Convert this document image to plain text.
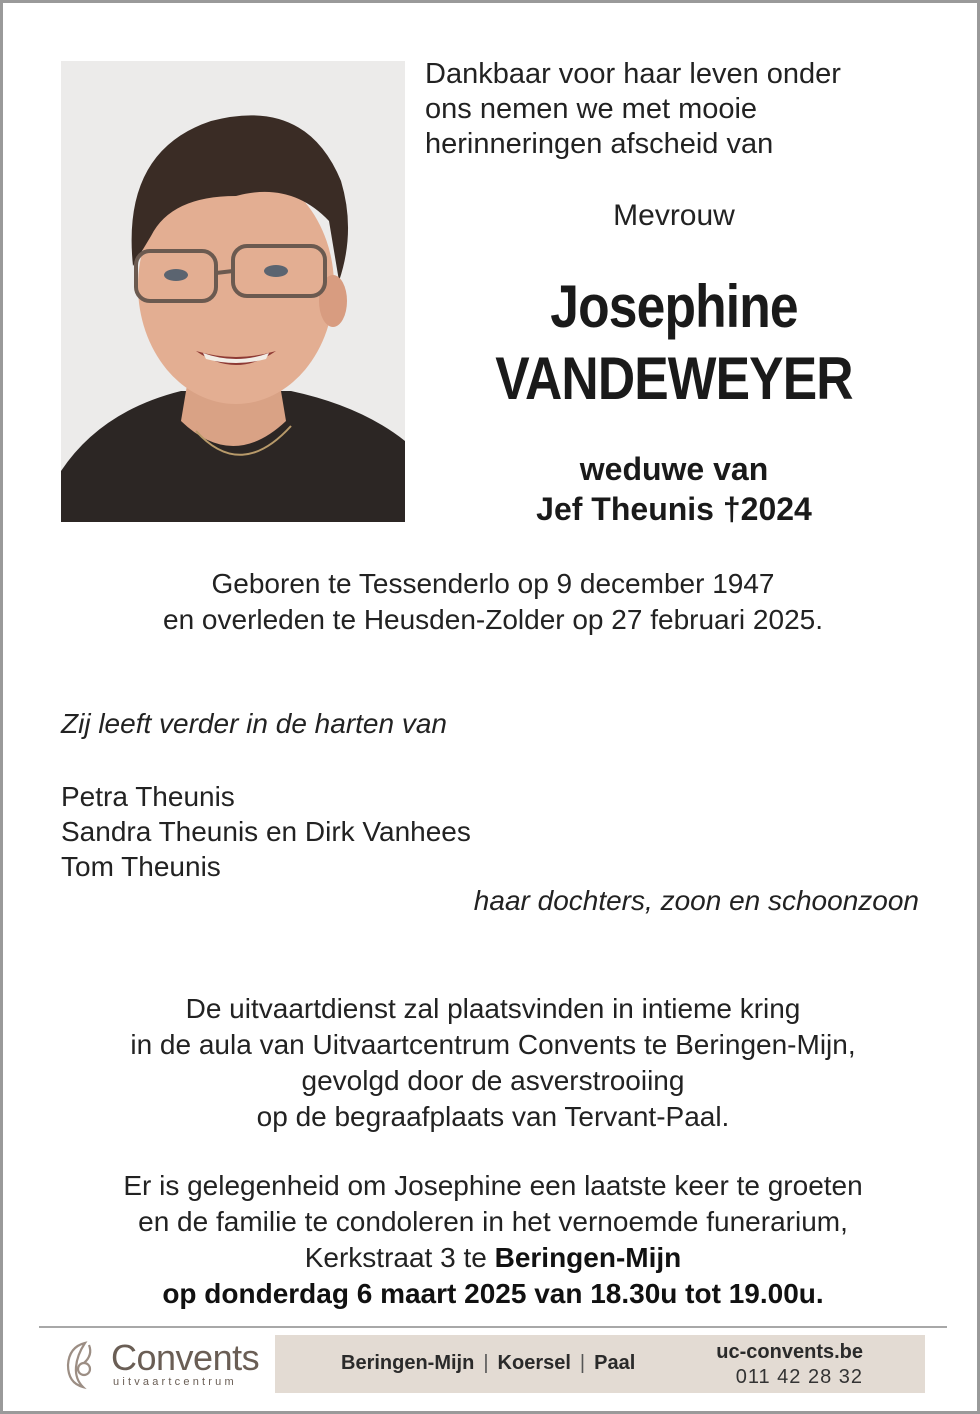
Dankbaar voor haar leven onder
ons nemen we met mooie
herinneringen afscheid van
Mevrouw
Josephine
VANDEWEYER
weduwe van
Jef Theunis †2024
Geboren te Tessenderlo op 9 december 1947
en overleden te Heusden-Zolder op 27 februari 2025.
Zij leeft verder in de harten van
Petra Theunis
Sandra Theunis en Dirk Vanhees
Tom Theunis
haar dochters, zoon en schoonzoon
De uitvaartdienst zal plaatsvinden in intieme kring
in de aula van Uitvaartcentrum Convents te Beringen-Mijn,
gevolgd door de asverstrooiing
op de begraafplaats van Tervant-Paal.
Er is gelegenheid om Josephine een laatste keer te groeten
en de familie te condoleren in het vernoemde funerarium,
Kerkstraat 3 te Beringen-Mijn
op donderdag 6 maart 2025 van 18.30u tot 19.00u.
Convents
uitvaartcentrum
Beringen-Mijn | Koersel | Paal	uc-convents.be
011 42 28 32
